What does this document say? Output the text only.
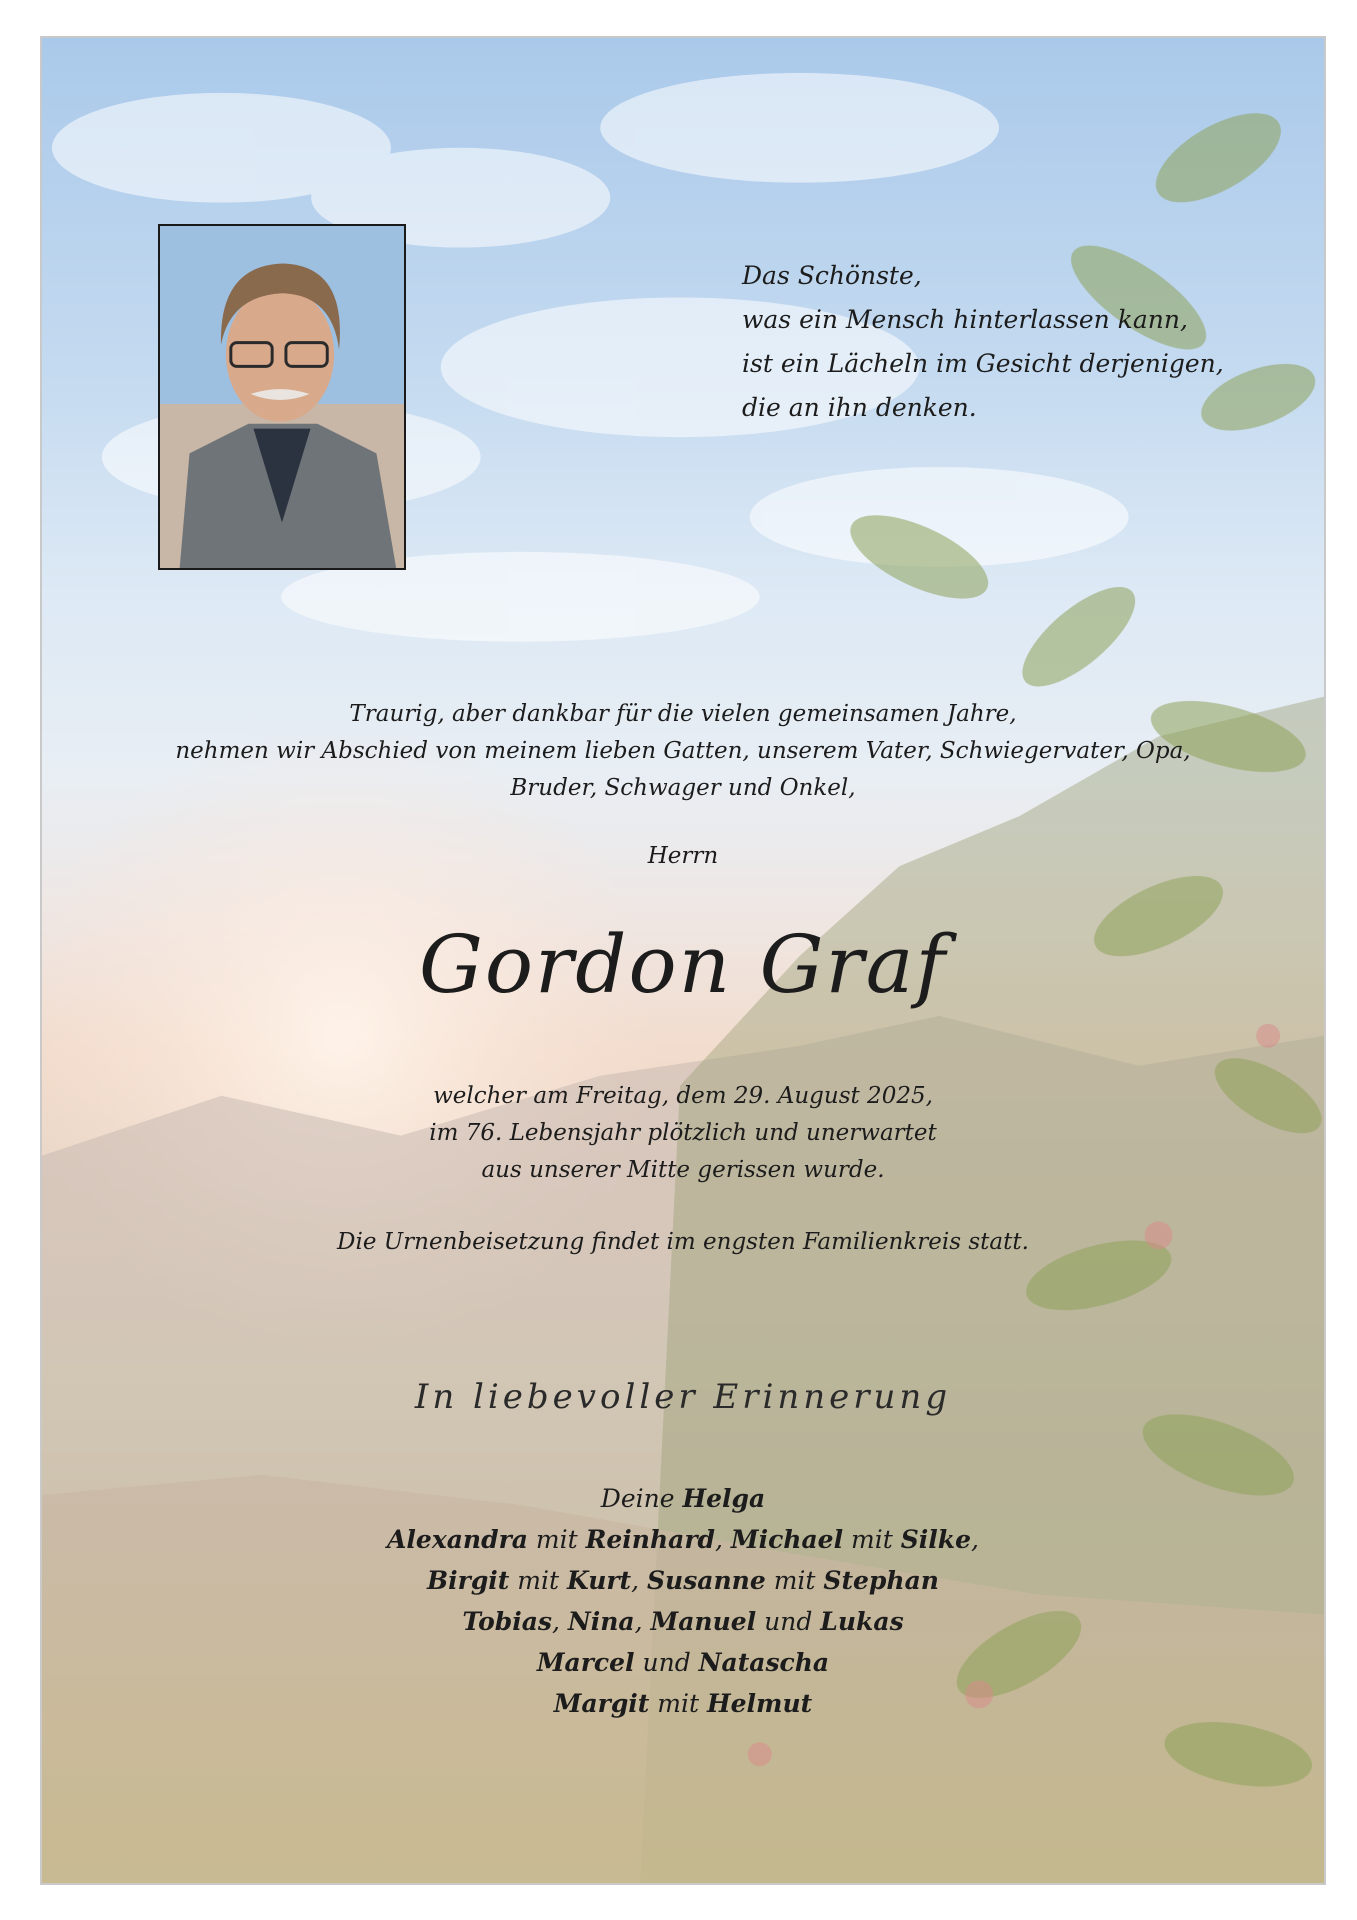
Das Schönste,
was ein Mensch hinterlassen kann,
ist ein Lächeln im Gesicht derjenigen,
die an ihn denken.
Traurig, aber dankbar für die vielen gemeinsamen Jahre,
nehmen wir Abschied von meinem lieben Gatten, unserem Vater, Schwiegervater, Opa,
Bruder, Schwager und Onkel,
Herrn
Gordon Graf
welcher am Freitag, dem 29. August 2025,
im 76. Lebensjahr plötzlich und unerwartet
aus unserer Mitte gerissen wurde.
Die Urnenbeisetzung findet im engsten Familienkreis statt.
In liebevoller Erinnerung
Deine Helga
Alexandra mit Reinhard, Michael mit Silke,
Birgit mit Kurt, Susanne mit Stephan
Tobias, Nina, Manuel und Lukas
Marcel und Natascha
Margit mit Helmut
